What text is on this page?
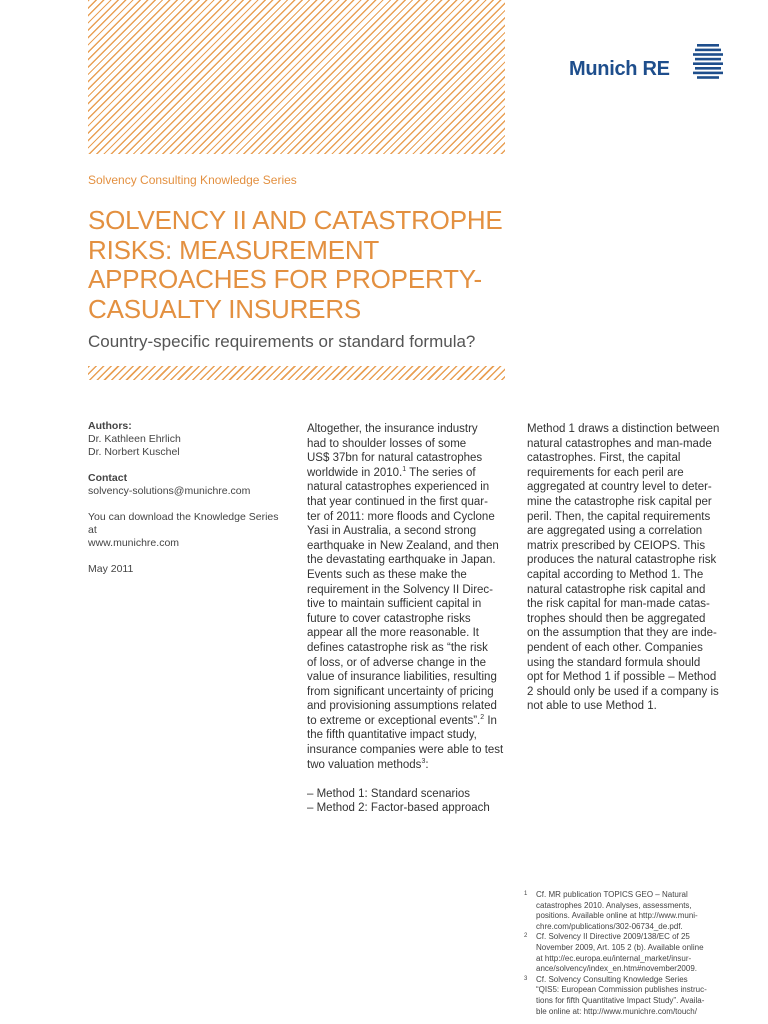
Munich RE
Solvency Consulting Knowledge Series
SOLVENCY II AND CATASTROPHE
RISKS: MEASUREMENT
APPROACHES FOR PROPERTY-
CASUALTY INSURERS
Country-specific requirements or standard formula?
Authors:
Dr. Kathleen Ehrlich
Dr. Norbert Kuschel
Contact
solvency-solutions@munichre.com
You can download the Knowledge Series at
www.munichre.com
May 2011
Altogether, the insurance industry
had to shoulder losses of some
US$ 37bn for natural catastrophes
worldwide in 2010.$^1$ The series of
natural catastrophes experienced in
that year continued in the first quar-
ter of 2011: more floods and Cyclone
Yasi in Australia, a second strong
earthquake in New Zealand, and then
the devastating earthquake in Japan.
Events such as these make the
requirement in the Solvency II Direc-
tive to maintain sufficient capital in
future to cover catastrophe risks
appear all the more reasonable. It
defines catastrophe risk as “the risk
of loss, or of adverse change in the
value of insurance liabilities, resulting
from significant uncertainty of pricing
and provisioning assumptions related
to extreme or exceptional events”.$^2$ In
the fifth quantitative impact study,
insurance companies were able to test
two valuation methods$^3$:

– Method 1: Standard scenarios
– Method 2: Factor-based approach
Method 1 draws a distinction between
natural catastrophes and man-made
catastrophes. First, the capital
requirements for each peril are
aggregated at country level to deter-
mine the catastrophe risk capital per
peril. Then, the capital requirements
are aggregated using a correlation
matrix prescribed by CEIOPS. This
produces the natural catastrophe risk
capital according to Method 1. The
natural catastrophe risk capital and
the risk capital for man-made catas-
trophes should then be aggregated
on the assumption that they are inde-
pendent of each other. Companies
using the standard formula should
opt for Method 1 if possible – Method
2 should only be used if a company is
not able to use Method 1.
1 Cf. MR publication TOPICS GEO – Natural
catastrophes 2010. Analyses, assessments,
positions. Available online at http://www.muni-
chre.com/publications/302-06734_de.pdf.
2 Cf. Solvency II Directive 2009/138/EC of 25
November 2009, Art. 105 2 (b). Available online
at http://ec.europa.eu/internal_market/insur-
ance/solvency/index_en.htm#november2009.
3 Cf. Solvency Consulting Knowledge Series
“QIS5: European Commission publishes instruc-
tions for fifth Quantitative Impact Study”. Availa-
ble online at: http://www.munichre.com/touch/
